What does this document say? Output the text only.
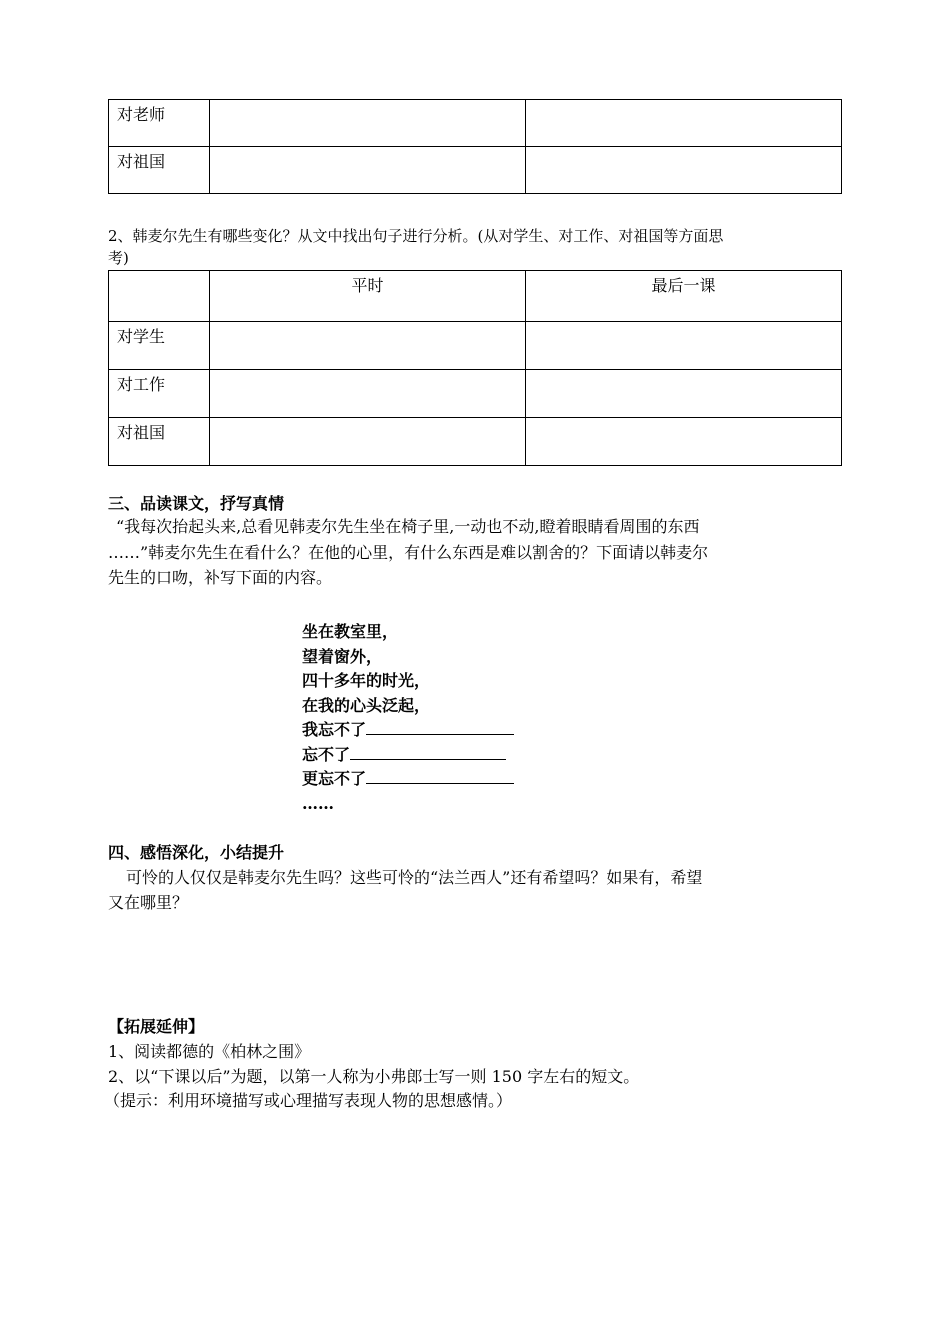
对老师		

对祖国		

2、韩麦尔先生有哪些变化？从文中找出句子进行分析。(从对学生、对工作、对祖国等方面思
考)

	平时	最后一课

对学生		

对工作		

对祖国		

三、品读课文，抒写真情
“我每次抬起头来,总看见韩麦尔先生坐在椅子里,一动也不动,瞪着眼睛看周围的东西
……”韩麦尔先生在看什么？在他的心里，有什么东西是难以割舍的？下面请以韩麦尔
先生的口吻，补写下面的内容。
坐在教室里，
望着窗外，
四十多年的时光，
在我的心头泛起，
我忘不了
忘不了
更忘不了
……
四、感悟深化，小结提升
可怜的人仅仅是韩麦尔先生吗？这些可怜的“法兰西人”还有希望吗？如果有，希望
又在哪里？
【拓展延伸】
1、阅读都德的《柏林之围》
2、以“下课以后”为题，以第一人称为小弗郎士写一则 150 字左右的短文。
（提示：利用环境描写或心理描写表现人物的思想感情。）
